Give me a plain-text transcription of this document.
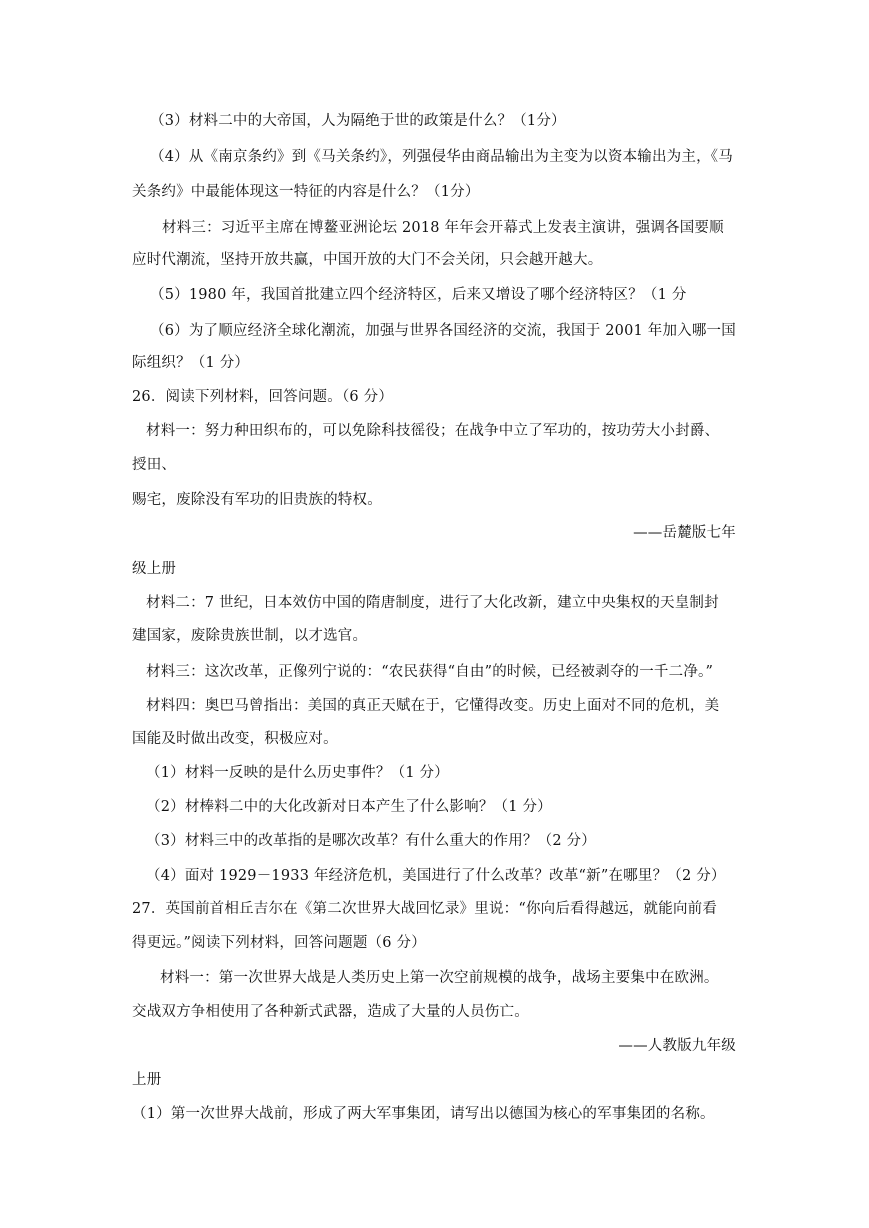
（3）材料二中的大帝国，人为隔绝于世的政策是什么？（1分）
（4）从《南京条约》到《马关条约》，列强侵华由商品输出为主变为以资本输出为主，《马
关条约》中最能体现这一特征的内容是什么？（1分）
材料三：习近平主席在博鳌亚洲论坛 2018 年年会开幕式上发表主演讲，强调各国要顺
应时代潮流，坚持开放共赢，中国开放的大门不会关闭，只会越开越大。
（5）1980 年，我国首批建立四个经济特区，后来又增设了哪个经济特区？（1 分
（6）为了顺应经济全球化潮流，加强与世界各国经济的交流，我国于 2001 年加入哪一国
际组织？（1 分）
26．阅读下列材料，回答问题。（6 分）
材料一：努力种田织布的，可以免除科技徭役；在战争中立了军功的，按功劳大小封爵、
授田、
赐宅，废除没有军功的旧贵族的特权。
——岳麓版七年
级上册
材料二：7 世纪，日本效仿中国的隋唐制度，进行了大化改新，建立中央集权的天皇制封
建国家，废除贵族世制，以才选官。
材料三：这次改革，正像列宁说的：“农民获得“自由”的时候，已经被剥夺的一千二净。”
材料四：奥巴马曾指出：美国的真正天赋在于，它懂得改变。历史上面对不同的危机，美
国能及时做出改变，积极应对。
（1）材料一反映的是什么历史事件？（1 分）
（2）材棒料二中的大化改新对日本产生了什么影响？（1 分）
（3）材料三中的改革指的是哪次改革？有什么重大的作用？（2 分）
（4）面对 1929－1933 年经济危机，美国进行了什么改革？改革“新”在哪里？（2 分）
27．英国前首相丘吉尔在《第二次世界大战回忆录》里说：“你向后看得越远，就能向前看
得更远。”阅读下列材料，回答问题题（6 分）
材料一：第一次世界大战是人类历史上第一次空前规模的战争，战场主要集中在欧洲。
交战双方争相使用了各种新式武器，造成了大量的人员伤亡。
——人教版九年级
上册
（1）第一次世界大战前，形成了两大军事集团，请写出以德国为核心的军事集团的名称。
